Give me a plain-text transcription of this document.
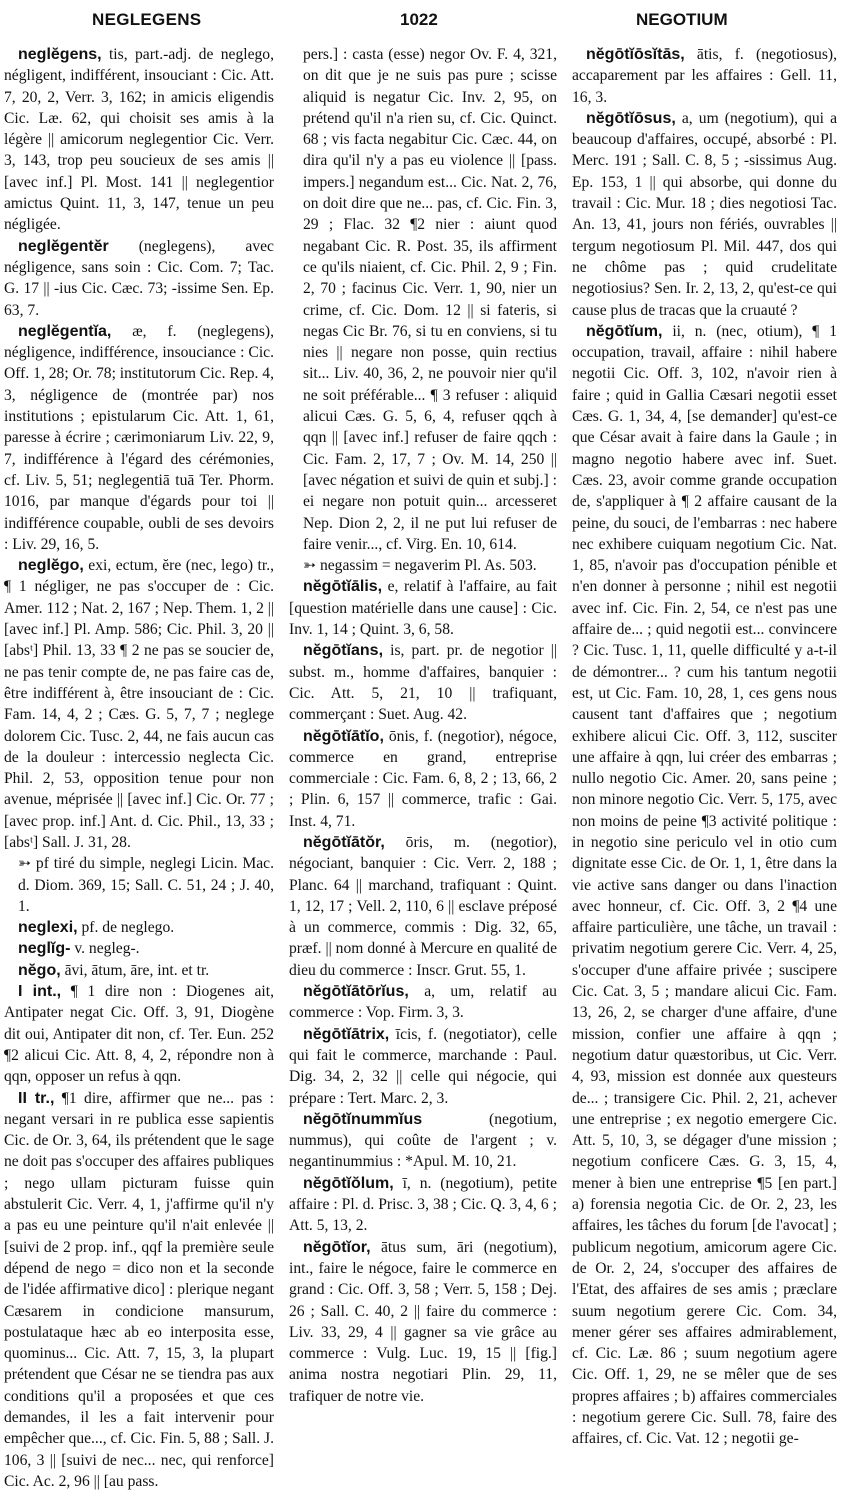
NEGLEGENS	1022	NEGOTIUM

neglĕgens, tis, part.-adj. de neglego, négligent, indifférent, insouciant : Cic. Att. 7, 20, 2, Verr. 3, 162; in amicis eligendis Cic. Læ. 62, qui choisit ses amis à la légère || amicorum neglegentior Cic. Verr. 3, 143, trop peu soucieux de ses amis || [avec inf.] Pl. Most. 141 || neglegentior amictus Quint. 11, 3, 147, tenue un peu négligée.

neglĕgentĕr (neglegens), avec négligence, sans soin : Cic. Com. 7; Tac. G. 17 || -ius Cic. Cæc. 73; -issime Sen. Ep. 63, 7.

neglĕgentĭa, æ, f. (neglegens), négligence, indifférence, insouciance : Cic. Off. 1, 28; Or. 78; institutorum Cic. Rep. 4, 3, négligence de (montrée par) nos institutions ; epistularum Cic. Att. 1, 61, paresse à écrire ; cærimoniarum Liv. 22, 9, 7, indifférence à l'égard des cérémonies, cf. Liv. 5, 51; neglegentiā tuā Ter. Phorm. 1016, par manque d'égards pour toi || indifférence coupable, oubli de ses devoirs : Liv. 29, 16, 5.

neglĕgo, exi, ectum, ĕre (nec, lego) tr., ¶ 1 négliger, ne pas s'occuper de : Cic. Amer. 112 ; Nat. 2, 167 ; Nep. Them. 1, 2 || [avec inf.] Pl. Amp. 586; Cic. Phil. 3, 20 || [absᵗ] Phil. 13, 33 ¶ 2 ne pas se soucier de, ne pas tenir compte de, ne pas faire cas de, être indifférent à, être insouciant de : Cic. Fam. 14, 4, 2 ; Cæs. G. 5, 7, 7 ; neglege dolorem Cic. Tusc. 2, 44, ne fais aucun cas de la douleur : intercessio neglecta Cic. Phil. 2, 53, opposition tenue pour non avenue, méprisée || [avec inf.] Cic. Or. 77 ; [avec prop. inf.] Ant. d. Cic. Phil., 13, 33 ; [absᵗ] Sall. J. 31, 28.

➳ pf tiré du simple, neglegi Licin. Mac. d. Diom. 369, 15; Sall. C. 51, 24 ; J. 40, 1.

neglexi, pf. de neglego.

neglĭg- v. negleg-.

nĕgo, āvi, ātum, āre, int. et tr.

I int., ¶ 1 dire non : Diogenes ait, Antipater negat Cic. Off. 3, 91, Diogène dit oui, Antipater dit non, cf. Ter. Eun. 252 ¶2 alicui Cic. Att. 8, 4, 2, répondre non à qqn, opposer un refus à qqn.

II tr., ¶1 dire, affirmer que ne... pas : negant versari in re publica esse sapientis Cic. de Or. 3, 64, ils prétendent que le sage ne doit pas s'occuper des affaires publiques ; nego ullam picturam fuisse quin abstulerit Cic. Verr. 4, 1, j'affirme qu'il n'y a pas eu une peinture qu'il n'ait enlevée || [suivi de 2 prop. inf., qqf la première seule dépend de nego = dico non et la seconde de l'idée affirmative dico] : plerique negant Cæsarem in condicione mansurum, postulataque hæc ab eo interposita esse, quominus... Cic. Att. 7, 15, 3, la plupart prétendent que César ne se tiendra pas aux conditions qu'il a proposées et que ces demandes, il les a fait intervenir pour empêcher que..., cf. Cic. Fin. 5, 88 ; Sall. J. 106, 3 || [suivi de nec... nec, qui renforce] Cic. Ac. 2, 96 || [au pass.

pers.] : casta (esse) negor Ov. F. 4, 321, on dit que je ne suis pas pure ; scisse aliquid is negatur Cic. Inv. 2, 95, on prétend qu'il n'a rien su, cf. Cic. Quinct. 68 ; vis facta negabitur Cic. Cæc. 44, on dira qu'il n'y a pas eu violence || [pass. impers.] negandum est... Cic. Nat. 2, 76, on doit dire que ne... pas, cf. Cic. Fin. 3, 29 ; Flac. 32 ¶2 nier : aiunt quod negabant Cic. R. Post. 35, ils affirment ce qu'ils niaient, cf. Cic. Phil. 2, 9 ; Fin. 2, 70 ; facinus Cic. Verr. 1, 90, nier un crime, cf. Cic. Dom. 12 || si fateris, si negas Cic Br. 76, si tu en conviens, si tu nies || negare non posse, quin rectius sit... Liv. 40, 36, 2, ne pouvoir nier qu'il ne soit préférable... ¶ 3 refuser : aliquid alicui Cæs. G. 5, 6, 4, refuser qqch à qqn || [avec inf.] refuser de faire qqch : Cic. Fam. 2, 17, 7 ; Ov. M. 14, 250 || [avec négation et suivi de quin et subj.] : ei negare non potuit quin... arcesseret Nep. Dion 2, 2, il ne put lui refuser de faire venir..., cf. Virg. En. 10, 614.

➳ negassim = negaverim Pl. As. 503.

nĕgōtĭālis, e, relatif à l'affaire, au fait [question matérielle dans une cause] : Cic. Inv. 1, 14 ; Quint. 3, 6, 58.

nĕgōtĭans, is, part. pr. de negotior || subst. m., homme d'affaires, banquier : Cic. Att. 5, 21, 10 || trafiquant, commerçant : Suet. Aug. 42.

nĕgōtĭātĭo, ōnis, f. (negotior), négoce, commerce en grand, entreprise commerciale : Cic. Fam. 6, 8, 2 ; 13, 66, 2 ; Plin. 6, 157 || commerce, trafic : Gai. Inst. 4, 71.

nĕgōtĭātŏr, ōris, m. (negotior), négociant, banquier : Cic. Verr. 2, 188 ; Planc. 64 || marchand, trafiquant : Quint. 1, 12, 17 ; Vell. 2, 110, 6 || esclave préposé à un commerce, commis : Dig. 32, 65, præf. || nom donné à Mercure en qualité de dieu du commerce : Inscr. Grut. 55, 1.

nĕgōtĭātōrĭus, a, um, relatif au commerce : Vop. Firm. 3, 3.

nĕgōtĭātrix, īcis, f. (negotiator), celle qui fait le commerce, marchande : Paul. Dig. 34, 2, 32 || celle qui négocie, qui prépare : Tert. Marc. 2, 3.

nĕgōtĭnummĭus	(negotium, nummus), qui coûte de l'argent ; v. negantinummius : *Apul. M. 10, 21.

nĕgōtĭŏlum, ī, n. (negotium), petite affaire : Pl. d. Prisc. 3, 38 ; Cic. Q. 3, 4, 6 ; Att. 5, 13, 2.

nĕgōtĭor, ātus sum, āri (negotium), int., faire le négoce, faire le commerce en grand : Cic. Off. 3, 58 ; Verr. 5, 158 ; Dej. 26 ; Sall. C. 40, 2 || faire du commerce : Liv. 33, 29, 4 || gagner sa vie grâce au commerce : Vulg. Luc. 19, 15 || [fig.] anima nostra negotiari Plin. 29, 11, trafiquer de notre vie.

nĕgōtĭōsĭtās, ātis, f. (negotiosus), accaparement par les affaires : Gell. 11, 16, 3.

nĕgōtĭōsus, a, um (negotium), qui a beaucoup d'affaires, occupé, absorbé : Pl. Merc. 191 ; Sall. C. 8, 5 ; -sissimus Aug. Ep. 153, 1 || qui absorbe, qui donne du travail : Cic. Mur. 18 ; dies negotiosi Tac. An. 13, 41, jours non fériés, ouvrables || tergum negotiosum Pl. Mil. 447, dos qui ne chôme pas ; quid crudelitate negotiosius? Sen. Ir. 2, 13, 2, qu'est-ce qui cause plus de tracas que la cruauté ?

nĕgōtĭum, ii, n. (nec, otium), ¶ 1 occupation, travail, affaire : nihil habere negotii Cic. Off. 3, 102, n'avoir rien à faire ; quid in Gallia Cæsari negotii esset Cæs. G. 1, 34, 4, [se demander] qu'est-ce que César avait à faire dans la Gaule ; in magno negotio habere avec inf. Suet. Cæs. 23, avoir comme grande occupation de, s'appliquer à ¶ 2 affaire causant de la peine, du souci, de l'embarras : nec habere nec exhibere cuiquam negotium Cic. Nat. 1, 85, n'avoir pas d'occupation pénible et n'en donner à personne ; nihil est negotii avec inf. Cic. Fin. 2, 54, ce n'est pas une affaire de... ; quid negotii est... convincere ? Cic. Tusc. 1, 11, quelle difficulté y a-t-il de démontrer... ? cum his tantum negotii est, ut Cic. Fam. 10, 28, 1, ces gens nous causent tant d'affaires que ; negotium exhibere alicui Cic. Off. 3, 112, susciter une affaire à qqn, lui créer des embarras ; nullo negotio Cic. Amer. 20, sans peine ; non minore negotio Cic. Verr. 5, 175, avec non moins de peine ¶3 activité politique : in negotio sine periculo vel in otio cum dignitate esse Cic. de Or. 1, 1, être dans la vie active sans danger ou dans l'inaction avec honneur, cf. Cic. Off. 3, 2 ¶4 une affaire particulière, une tâche, un travail : privatim negotium gerere Cic. Verr. 4, 25, s'occuper d'une affaire privée ; suscipere Cic. Cat. 3, 5 ; mandare alicui Cic. Fam. 13, 26, 2, se charger d'une affaire, d'une mission, confier une affaire à qqn ; negotium datur quæstoribus, ut Cic. Verr. 4, 93, mission est donnée aux questeurs de... ; transigere Cic. Phil. 2, 21, achever une entreprise ; ex negotio emergere Cic. Att. 5, 10, 3, se dégager d'une mission ; negotium conficere Cæs. G. 3, 15, 4, mener à bien une entreprise ¶5 [en part.] a) forensia negotia Cic. de Or. 2, 23, les affaires, les tâches du forum [de l'avocat] ; publicum negotium, amicorum agere Cic. de Or. 2, 24, s'occuper des affaires de l'Etat, des affaires de ses amis ; præclare suum negotium gerere Cic. Com. 34, mener gérer ses affaires admirablement, cf. Cic. Læ. 86 ; suum negotium agere Cic. Off. 1, 29, ne se mêler que de ses propres affaires ; b) affaires commerciales : negotium gerere Cic. Sull. 78, faire des affaires, cf. Cic. Vat. 12 ; negotii ge-
